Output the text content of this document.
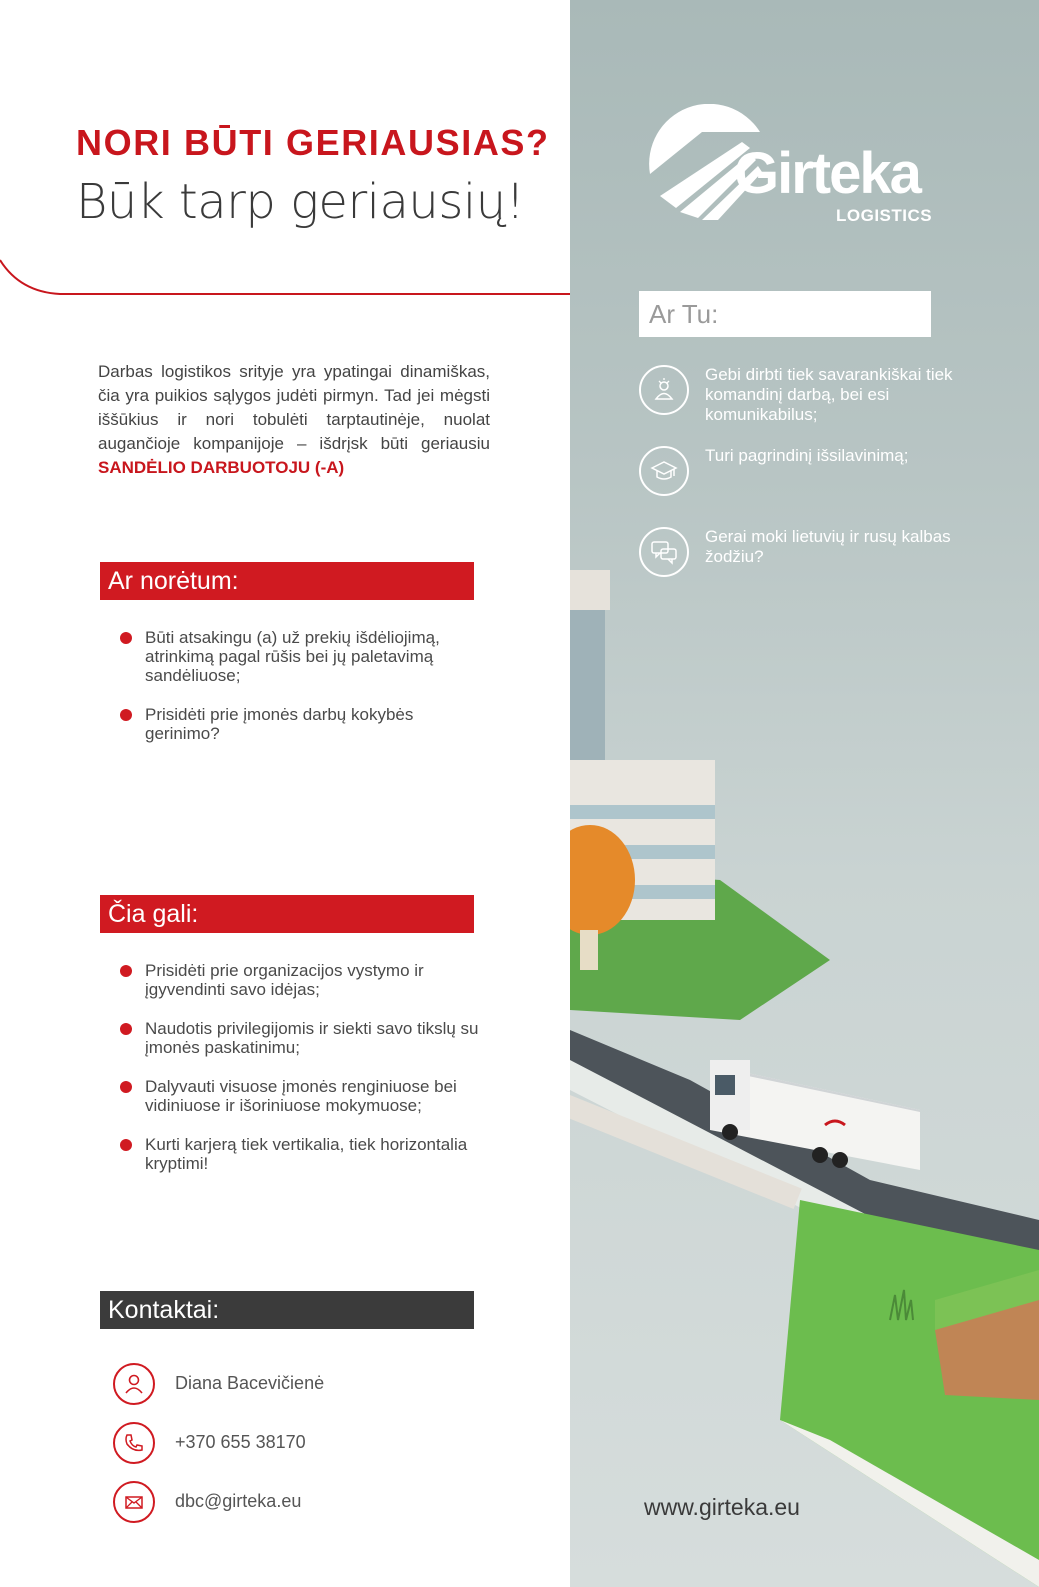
NORI BŪTI GERIAUSIAS?
Būk tarp geriausių!

Darbas logistikos srityje yra ypatingai dinamiškas, čia yra puikios sąlygos judėti pirmyn. Tad jei mėgsti iššūkius ir nori tobulėti tarptautinėje, nuolat augančioje kompanijoje – išdrįsk būti geriausiu SANDĖLIO DARBUOTOJU (-A)

Ar norėtum:
Būti atsakingu (a) už prekių išdėliojimą, atrinkimą pagal rūšis bei jų paletavimą sandėliuose;
Prisidėti prie įmonės darbų kokybės gerinimo?
Čia gali:
Prisidėti prie organizacijos vystymo ir įgyvendinti savo idėjas;
Naudotis privilegijomis ir siekti savo tikslų su įmonės paskatinimu;
Dalyvauti visuose įmonės renginiuose bei vidiniuose ir išoriniuose mokymuose;
Kurti karjerą tiek vertikalia, tiek horizontalia kryptimi!
Kontaktai:
Diana Bacevičienė
+370 655 38170
dbc@girteka.eu
Girteka
LOGISTICS
Ar Tu:
Gebi dirbti tiek savarankiškai tiek komandinį darbą, bei esi komunikabilus;
Turi pagrindinį išsilavinimą;
Gerai moki lietuvių ir rusų kalbas žodžiu?
www.girteka.eu
